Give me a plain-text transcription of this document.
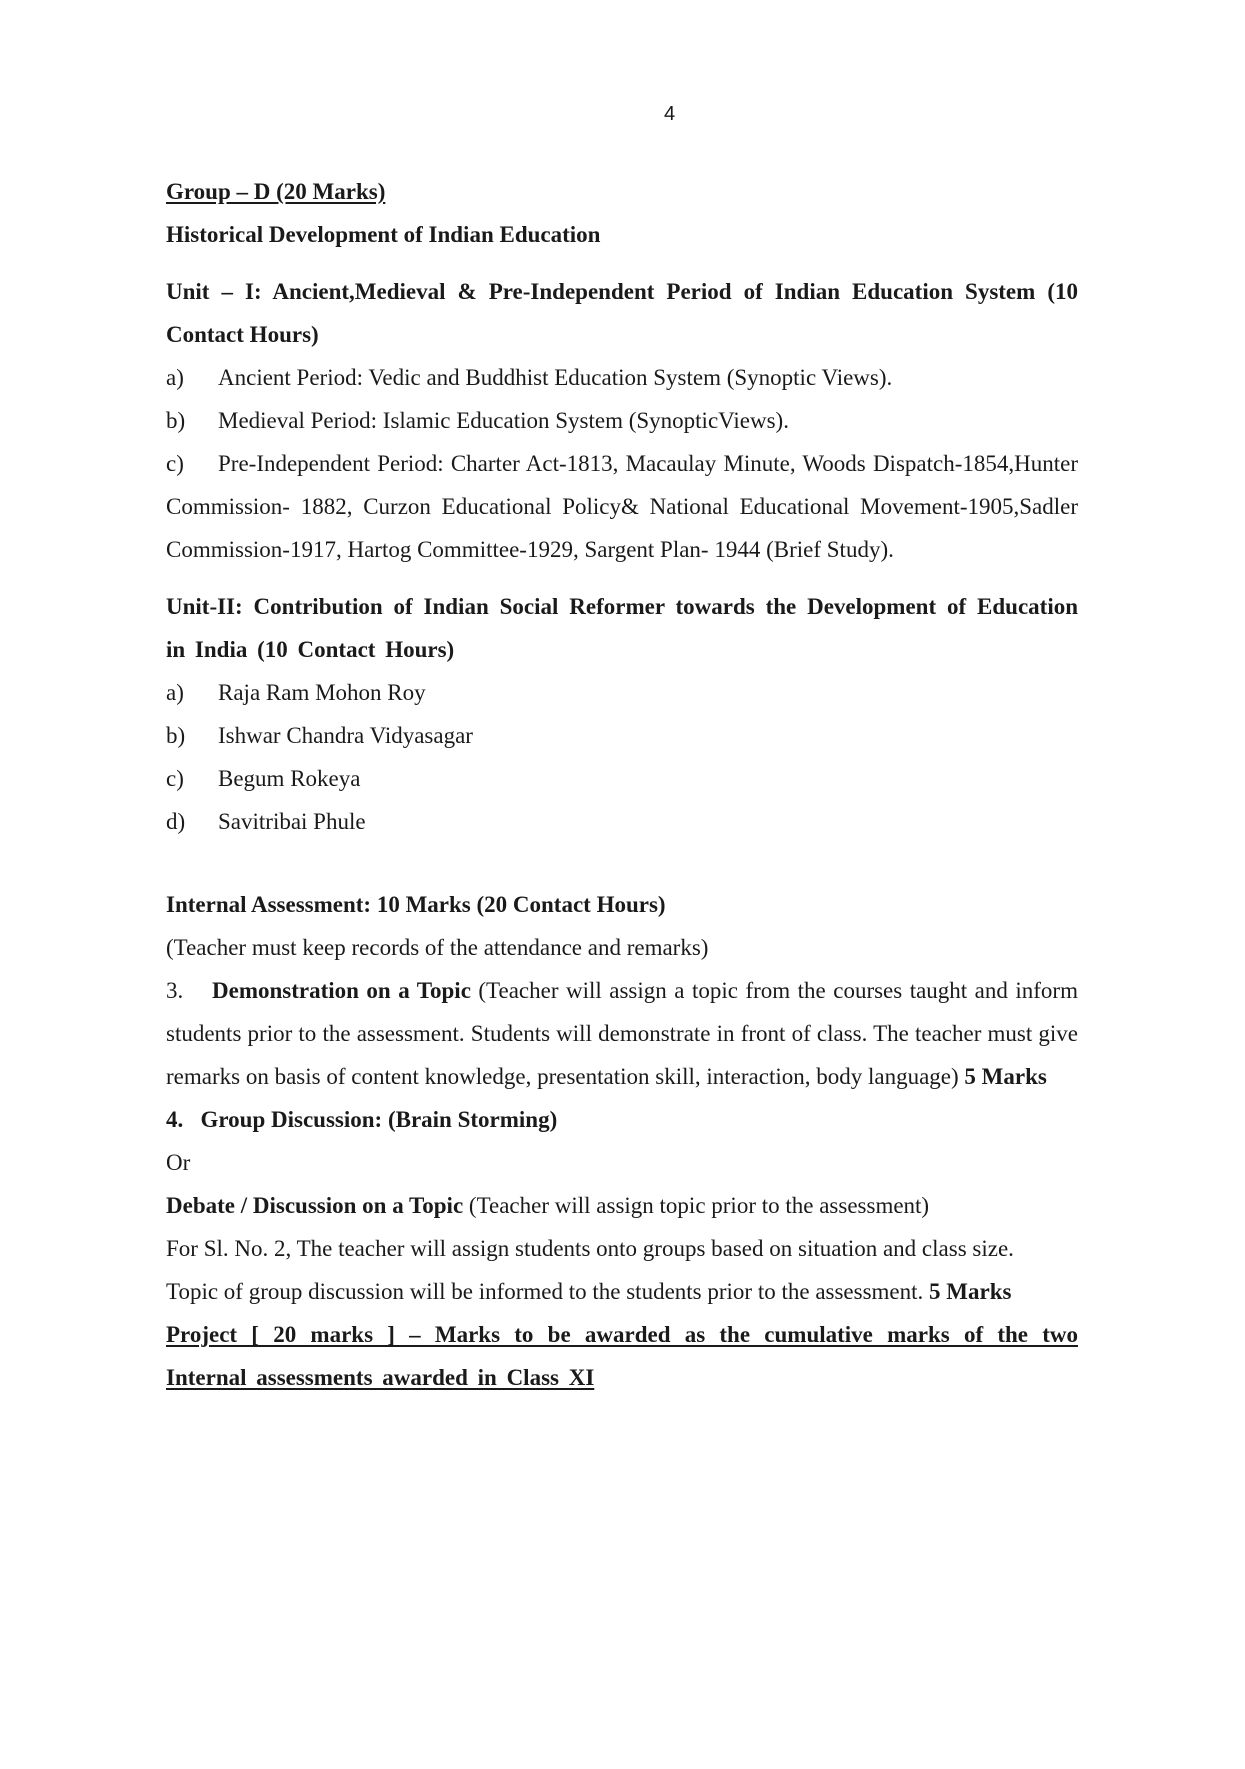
4
Group – D (20 Marks)
Historical Development of Indian Education
Unit – I: Ancient,Medieval & Pre-Independent Period of Indian Education System (10 Contact Hours)
a)	Ancient Period: Vedic and Buddhist Education System (Synoptic Views).
b)	Medieval Period: Islamic Education System (SynopticViews).
c) Pre-Independent Period: Charter Act-1813, Macaulay Minute, Woods Dispatch-1854,Hunter Commission- 1882, Curzon Educational Policy& National Educational Movement-1905,Sadler Commission-1917, Hartog Committee-1929, Sargent Plan- 1944 (Brief Study).
Unit-II: Contribution of Indian Social Reformer towards the Development of Education in India (10 Contact Hours)
a)	Raja Ram Mohon Roy
b)	Ishwar Chandra Vidyasagar
c)	Begum Rokeya
d)	Savitribai Phule
Internal Assessment: 10 Marks (20 Contact Hours)
(Teacher must keep records of the attendance and remarks)
3. Demonstration on a Topic (Teacher will assign a topic from the courses taught and inform students prior to the assessment. Students will demonstrate in front of class. The teacher must give remarks on basis of content knowledge, presentation skill, interaction, body language) 5 Marks
4.   Group Discussion: (Brain Storming)
Or
Debate / Discussion on a Topic (Teacher will assign topic prior to the assessment)
For Sl. No. 2, The teacher will assign students onto groups based on situation and class size.
Topic of group discussion will be informed to the students prior to the assessment. 5 Marks
Project [ 20 marks ] – Marks to be awarded as the cumulative marks of the two Internal assessments awarded in Class XI
